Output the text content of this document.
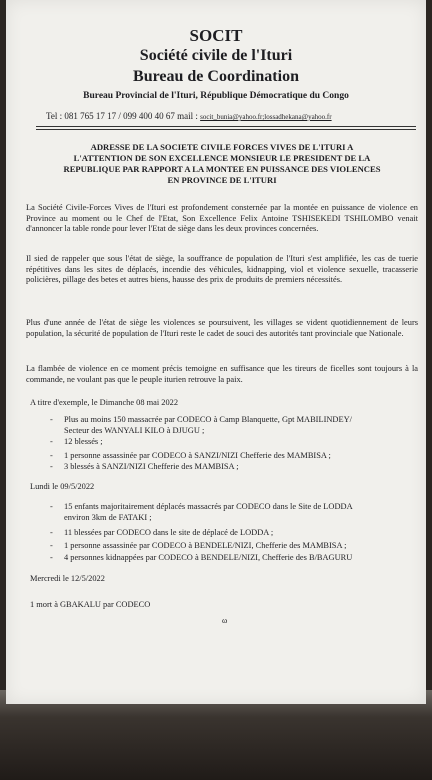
SOCIT
Société civile de l'Ituri
Bureau de Coordination
Bureau Provincial de l'Ituri, République Démocratique du Congo
Tel : 081 765 17 17 / 099 400 40 67 mail : socit_bunia@yahoo.fr;lossadhekana@yahoo.fr
ADRESSE DE LA SOCIETE CIVILE FORCES VIVES DE L'ITURI A
L'ATTENTION DE SON EXCELLENCE MONSIEUR LE PRESIDENT DE LA
REPUBLIQUE PAR RAPPORT A LA MONTEE EN PUISSANCE DES VIOLENCES
EN PROVINCE DE L'ITURI
La Société Civile-Forces Vives de l'Ituri est profondement consternée par la montée en puissance de violence en Province au moment ou le Chef de l'Etat, Son Excellence Felix Antoine TSHISEKEDI TSHILOMBO venait d'annoncer la table ronde pour lever l'Etat de siège dans les deux provinces concernées.
Il sied de rappeler que sous l'état de siège, la souffrance de population de l'Ituri s'est amplifiée, les cas de tuerie répétitives dans les sites de déplacés, incendie des véhicules, kidnapping, viol et violence sexuelle, tracasserie policières, pillage des betes et autres biens, hausse des prix de produits de premiers nécessités.
Plus d'une année de l'état de siège les violences se poursuivent, les villages se vident quotidiennement de leurs population, la sécurité de population de l'Ituri reste le cadet de souci des autorités tant provinciale que Nationale.
La flambée de violence en ce moment précis temoigne en suffisance que les tireurs de ficelles sont toujours à la commande, ne voulant pas que le peuple iturien retrouve la paix.
A titre d'exemple, le Dimanche 08 mai 2022
- Plus au moins 150 massacrée par CODECO à Camp Blanquette, Gpt MABILINDEY/
Secteur des WANYALI KILO à DJUGU ;
- 12 blessés ;
- 1 personne assassinée par CODECO à SANZI/NIZI Chefferie des MAMBISA ;
- 3 blessés à SANZI/NIZI Chefferie des MAMBISA ;
Lundi le 09/5/2022
- 15 enfants majoritairement déplacés massacrés par CODECO dans le Site de LODDA
environ 3km de FATAKI ;
- 11 blessées par CODECO dans le site de déplacé de LODDA ;
- 1 personne assassinée par CODECO à BENDELE/NIZI, Chefferie des MAMBISA ;
- 4 personnes kidnappées par CODECO à BENDELE/NIZI, Chefferie des B/BAGURU
Mercredi le 12/5/2022
1 mort à GBAKALU par CODECO
ω
